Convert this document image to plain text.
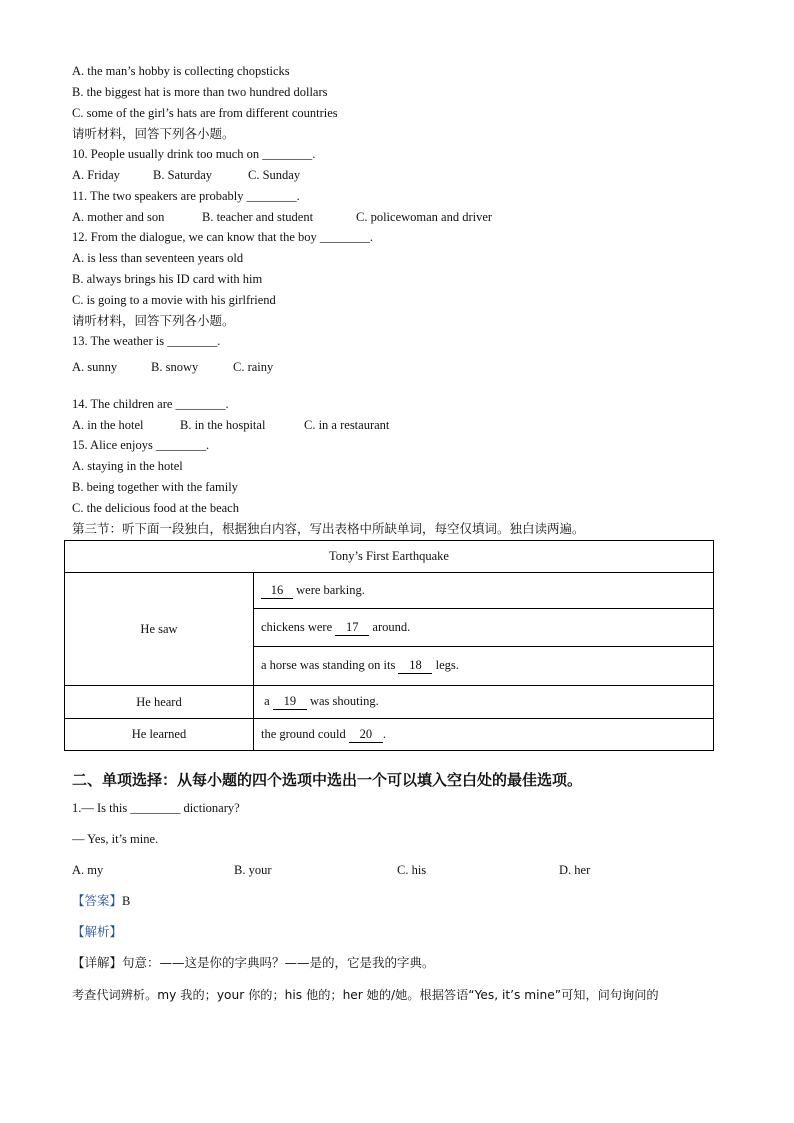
A. the man’s hobby is collecting chopsticks
B. the biggest hat is more than two hundred dollars
C. some of the girl’s hats are from different countries
请听材料，回答下列各小题。
10. People usually drink too much on ________.
A. Friday	B. Saturday	C. Sunday
11. The two speakers are probably ________.
A. mother and son	B. teacher and student	C. policewoman and driver
12. From the dialogue, we can know that the boy ________.
A. is less than seventeen years old
B. always brings his ID card with him
C. is going to a movie with his girlfriend
请听材料，回答下列各小题。
13. The weather is ________.
A. sunny	B. snowy	C. rainy
14. The children are ________.
A. in the hotel	B. in the hospital	C. in a restaurant
15. Alice enjoys ________.
A. staying in the hotel
B. being together with the family
C. the delicious food at the beach
第三节：听下面一段独白，根据独白内容，写出表格中所缺单词，每空仅填词。独白读两遍。
Tony’s First Earthquake	
He saw	16 were barking.
	chickens were 17 around.
	a horse was standing on its 18 legs.
He heard	a 19 was shouting.
He learned	the ground could 20 .
二、单项选择：从每小题的四个选项中选出一个可以填入空白处的最佳选项。
1.— Is this ________ dictionary?
— Yes, it’s mine.
A. my	B. your	C. his	D. her
【答案】B
【解析】
【详解】句意：——这是你的字典吗？——是的，它是我的字典。
考查代词辨析。my 我的；your 你的；his 他的；her 她的/她。根据答语“Yes, it’s mine”可知，问句询问的
